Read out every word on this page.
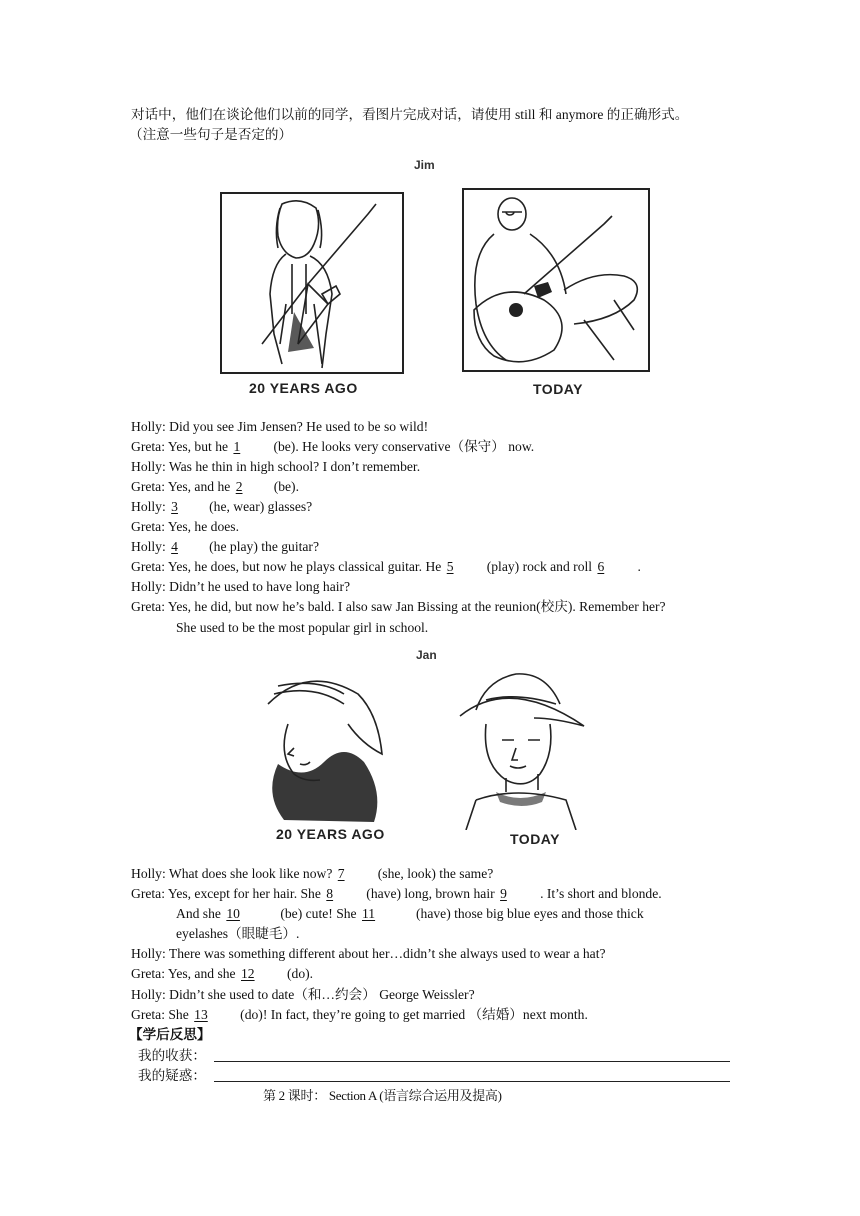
对话中，他们在谈论他们以前的同学，看图片完成对话，请使用 still 和 anymore 的正确形式。
（注意一些句子是否定的）
Jim
20 YEARS AGO	TODAY
Holly: Did you see Jim Jensen? He used to be so wild!
Greta: Yes, but he 1 (be). He looks very conservative（保守） now.
Holly: Was he thin in high school? I don’t remember.
Greta: Yes, and he 2 (be).
Holly: 3 (he, wear) glasses?
Greta: Yes, he does.
Holly: 4 (he play) the guitar?
Greta: Yes, he does, but now he plays classical guitar. He 5 (play) rock and roll 6 .
Holly: Didn’t he used to have long hair?
Greta: Yes, he did, but now he’s bald. I also saw Jan Bissing at the reunion(校庆). Remember her?
She used to be the most popular girl in school.
Jan
20 YEARS AGO	TODAY
Holly: What does she look like now? 7 (she, look) the same?
Greta: Yes, except for her hair. She 8 (have) long, brown hair 9 . It’s short and blonde.
And she 10	(be) cute! She 11	(have) those big blue eyes and those thick
eyelashes（眼睫毛）.
Holly: There was something different about her…didn’t she always used to wear a hat?
Greta: Yes, and she 12 (do).
Holly: Didn’t she used to date（和…约会） George Weissler?
Greta: She 13 (do)! In fact, they’re going to get married （结婚）next month.
【学后反思】
我的收获：
我的疑惑：
第 2 课时： Section A (语言综合运用及提高)
